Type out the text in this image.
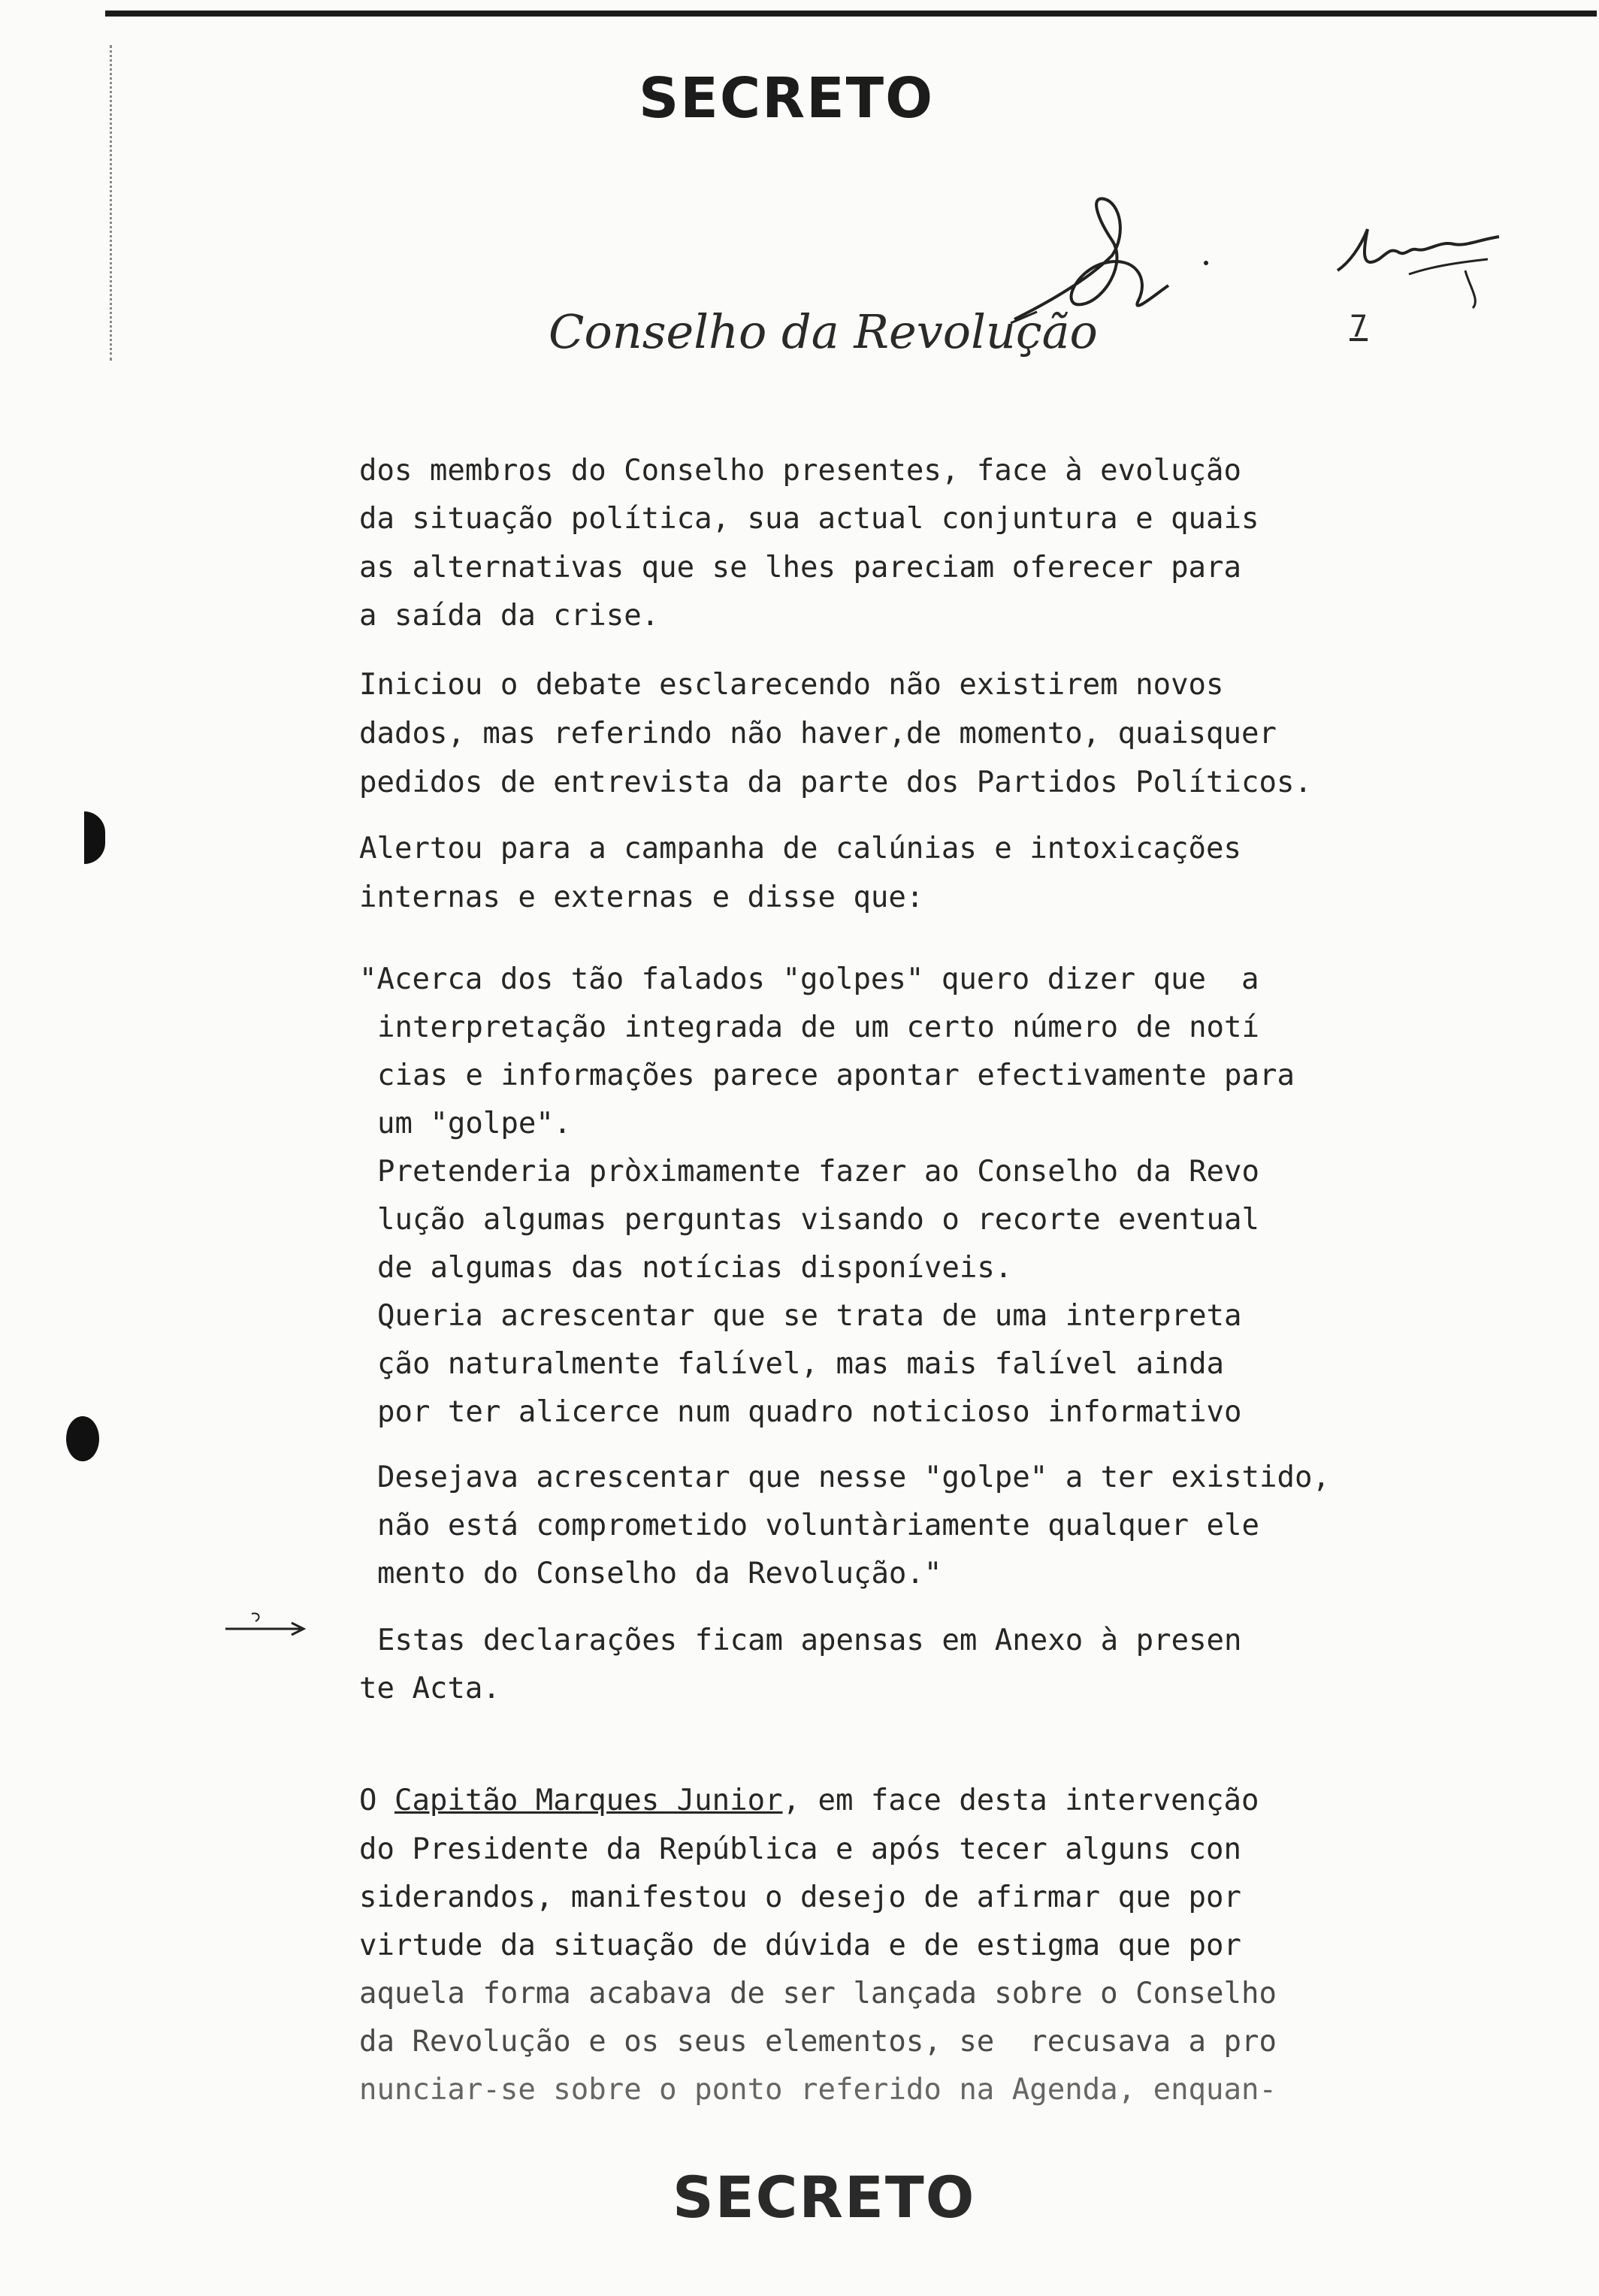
SECRETO
Conselho da Revolução	7
dos membros do Conselho presentes, face à evolução
da situação política, sua actual conjuntura e quais
as alternativas que se lhes pareciam oferecer para
a saída da crise.
Iniciou o debate esclarecendo não existirem novos
dados, mas referindo não haver,de momento, quaisquer
pedidos de entrevista da parte dos Partidos Políticos.
Alertou para a campanha de calúnias e intoxicações
internas e externas e disse que:
"Acerca dos tão falados "golpes" quero dizer que  a
interpretação integrada de um certo número de notí
cias e informações parece apontar efectivamente para
um "golpe".
Pretenderia pròximamente fazer ao Conselho da Revo
lução algumas perguntas visando o recorte eventual
de algumas das notícias disponíveis.
Queria acrescentar que se trata de uma interpreta
ção naturalmente falível, mas mais falível ainda
por ter alicerce num quadro noticioso informativo
Desejava acrescentar que nesse "golpe" a ter existido,
não está comprometido voluntàriamente qualquer ele
mento do Conselho da Revolução."
Estas declarações ficam apensas em Anexo à presen
te Acta.
O Capitão Marques Junior, em face desta intervenção
do Presidente da República e após tecer alguns con
siderandos, manifestou o desejo de afirmar que por
virtude da situação de dúvida e de estigma que por
aquela forma acabava de ser lançada sobre o Conselho
da Revolução e os seus elementos, se  recusava a pro
nunciar-se sobre o ponto referido na Agenda, enquan-
SECRETO
